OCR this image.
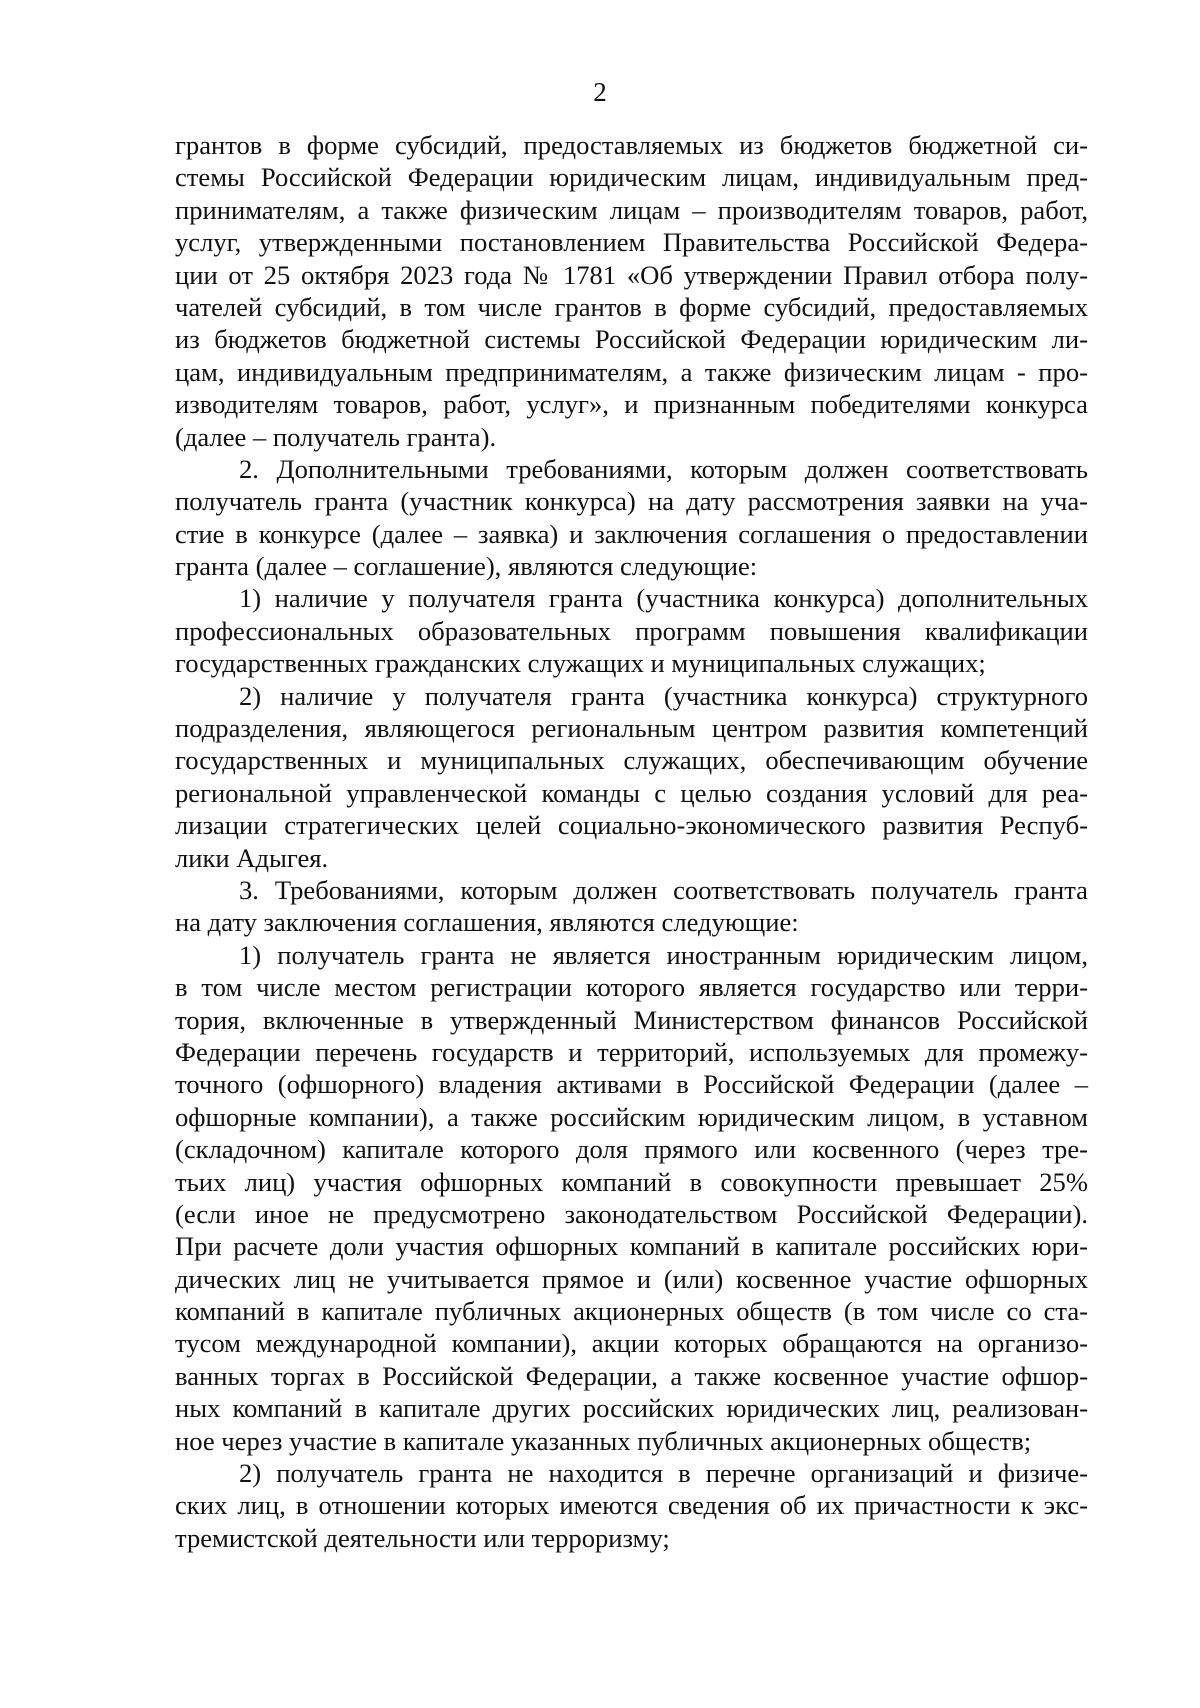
2
грантов в форме субсидий, предоставляемых из бюджетов бюджетной си-
стемы Российской Федерации юридическим лицам, индивидуальным пред-
принимателям, а также физическим лицам – производителям товаров, работ,
услуг, утвержденными постановлением Правительства Российской Федера-
ции от 25 октября 2023 года № 1781 «Об утверждении Правил отбора полу-
чателей субсидий, в том числе грантов в форме субсидий, предоставляемых
из бюджетов бюджетной системы Российской Федерации юридическим ли-
цам, индивидуальным предпринимателям, а также физическим лицам - про-
изводителям товаров, работ, услуг», и признанным победителями конкурса
(далее – получатель гранта).
2. Дополнительными требованиями, которым должен соответствовать
получатель гранта (участник конкурса) на дату рассмотрения заявки на уча-
стие в конкурсе (далее – заявка) и заключения соглашения о предоставлении
гранта (далее – соглашение), являются следующие:
1) наличие у получателя гранта (участника конкурса) дополнительных
профессиональных образовательных программ повышения квалификации
государственных гражданских служащих и муниципальных служащих;
2) наличие у получателя гранта (участника конкурса) структурного
подразделения, являющегося региональным центром развития компетенций
государственных и муниципальных служащих, обеспечивающим обучение
региональной управленческой команды с целью создания условий для реа-
лизации стратегических целей социально-экономического развития Респуб-
лики Адыгея.
3. Требованиями, которым должен соответствовать получатель гранта
на дату заключения соглашения, являются следующие:
1) получатель гранта не является иностранным юридическим лицом,
в том числе местом регистрации которого является государство или терри-
тория, включенные в утвержденный Министерством финансов Российской
Федерации перечень государств и территорий, используемых для промежу-
точного (офшорного) владения активами в Российской Федерации (далее –
офшорные компании), а также российским юридическим лицом, в уставном
(складочном) капитале которого доля прямого или косвенного (через тре-
тьих лиц) участия офшорных компаний в совокупности превышает 25%
(если иное не предусмотрено законодательством Российской Федерации).
При расчете доли участия офшорных компаний в капитале российских юри-
дических лиц не учитывается прямое и (или) косвенное участие офшорных
компаний в капитале публичных акционерных обществ (в том числе со ста-
тусом международной компании), акции которых обращаются на организо-
ванных торгах в Российской Федерации, а также косвенное участие офшор-
ных компаний в капитале других российских юридических лиц, реализован-
ное через участие в капитале указанных публичных акционерных обществ;
2) получатель гранта не находится в перечне организаций и физиче-
ских лиц, в отношении которых имеются сведения об их причастности к экс-
тремистской деятельности или терроризму;
